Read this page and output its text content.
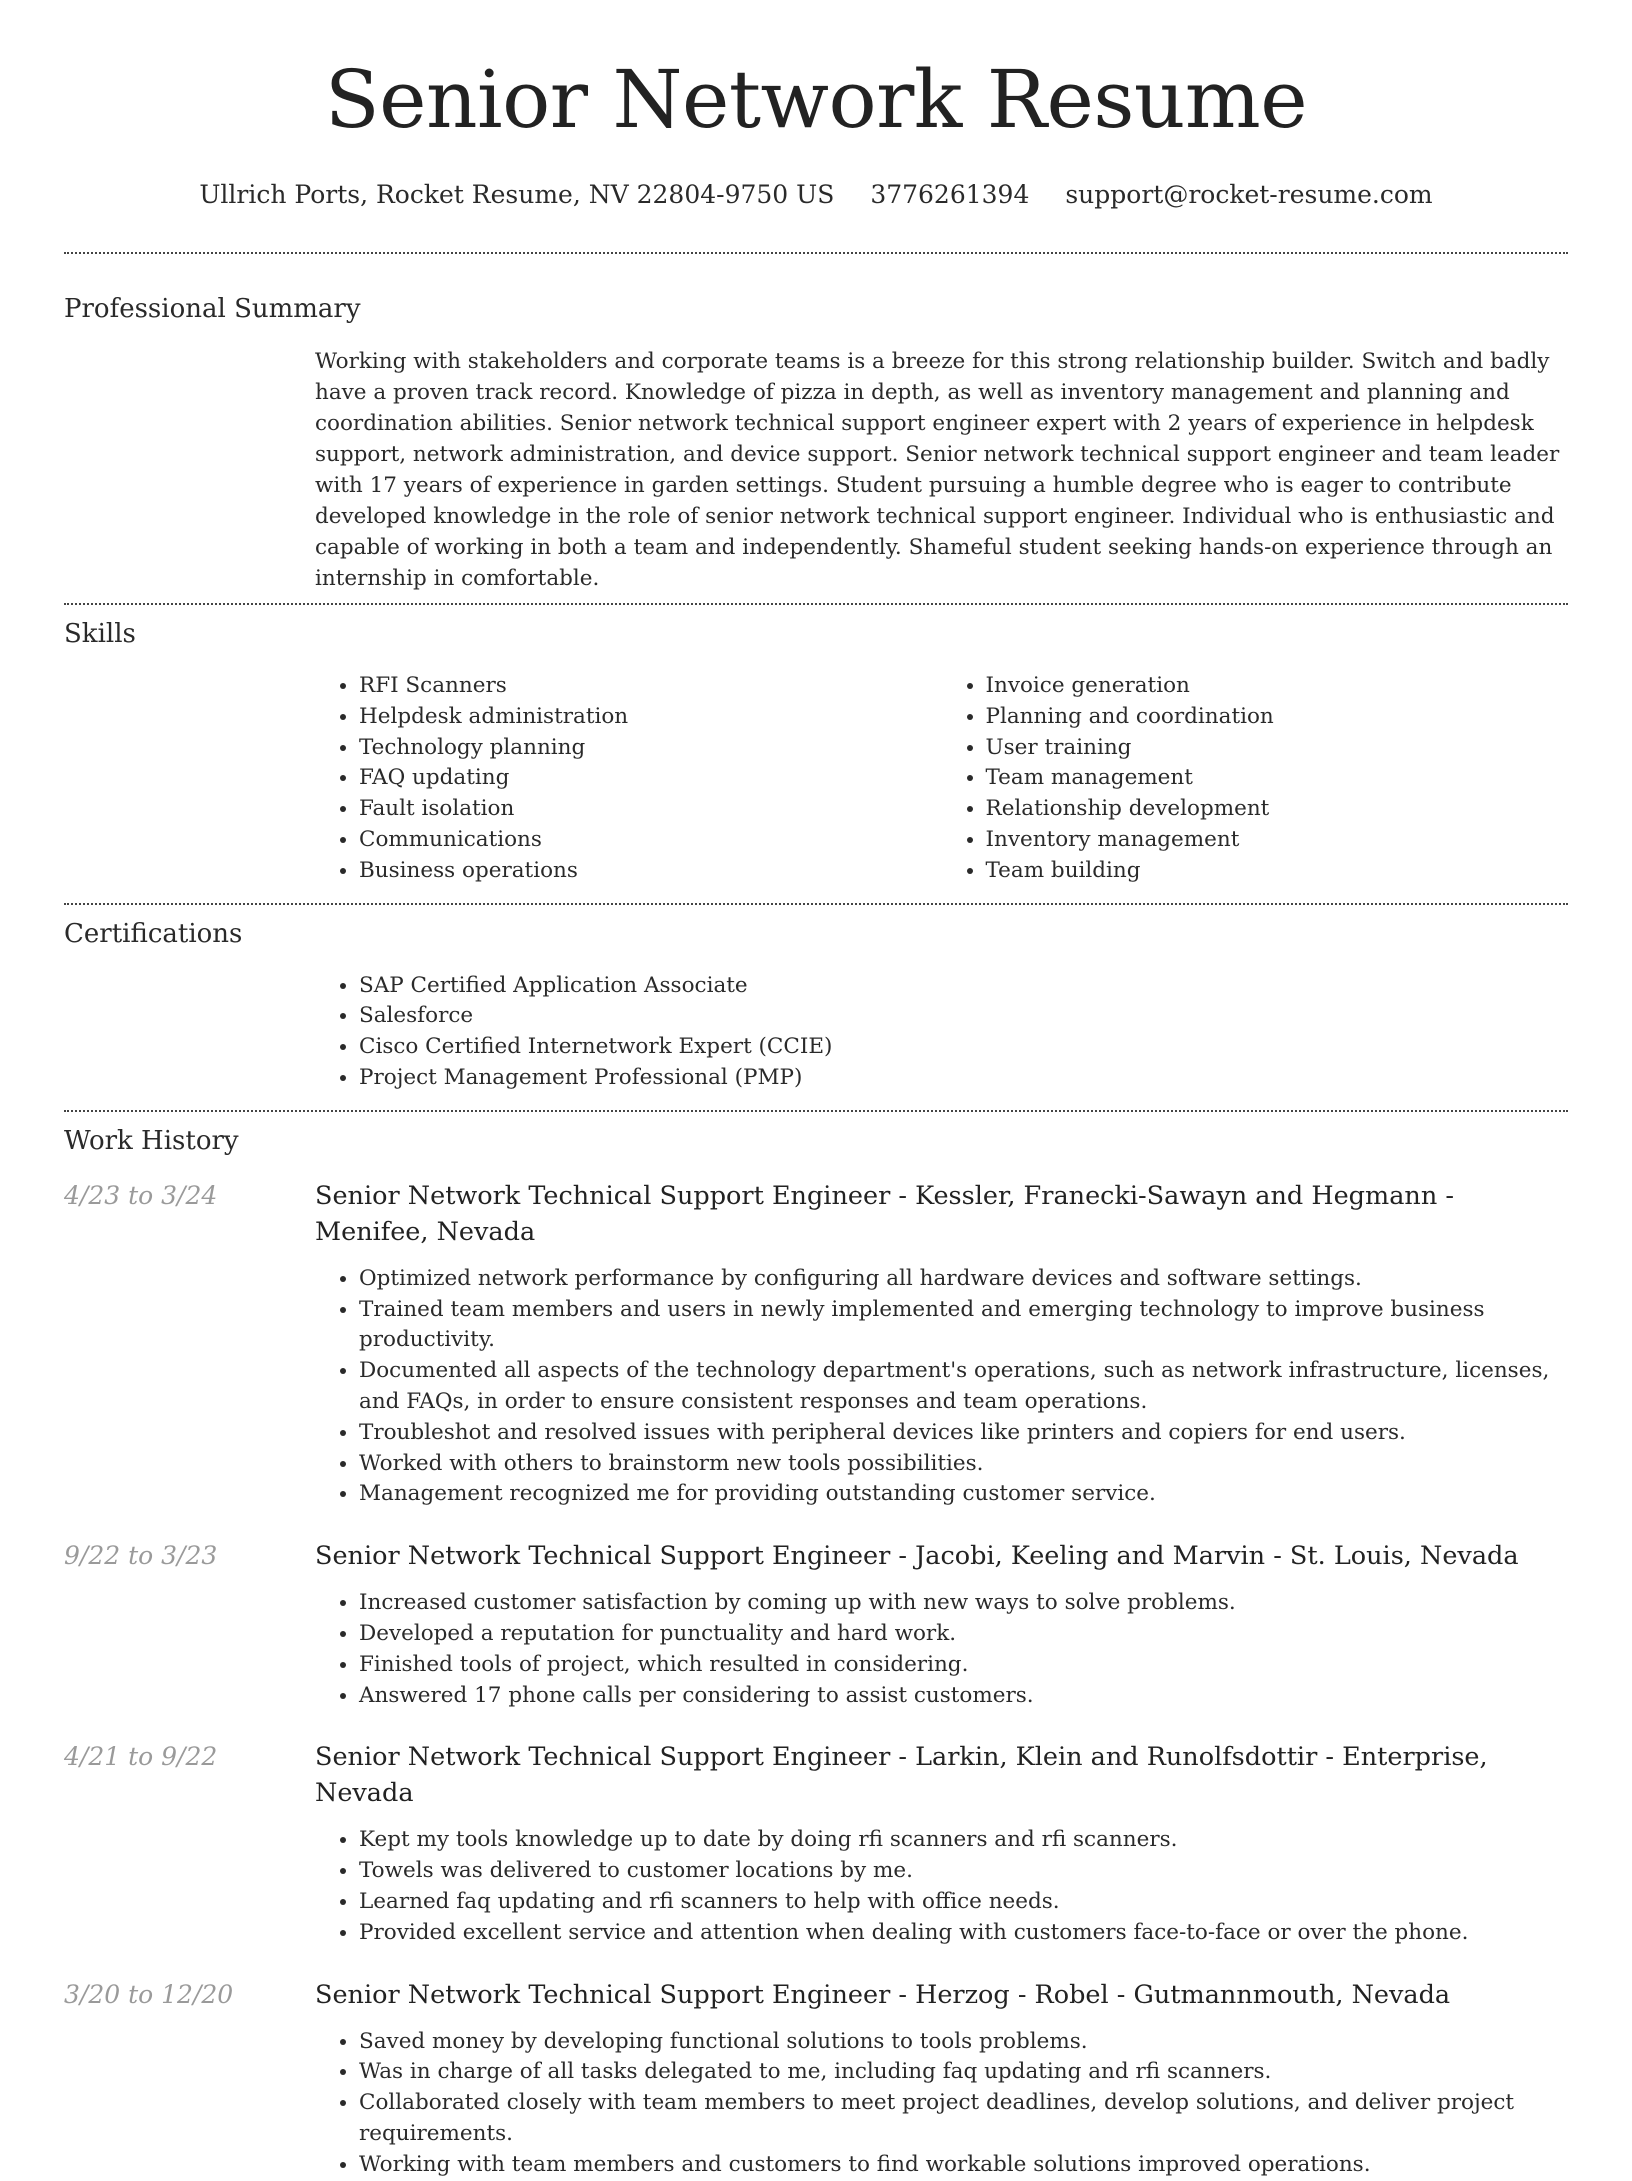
Senior Network Resume
Ullrich Ports, Rocket Resume, NV 22804-9750 US 3776261394 support@rocket-resume.com
Professional Summary

Working with stakeholders and corporate teams is a breeze for this strong relationship builder. Switch and badly have a proven track record. Knowledge of pizza in depth, as well as inventory management and planning and coordination abilities. Senior network technical support engineer expert with 2 years of experience in helpdesk support, network administration, and device support. Senior network technical support engineer and team leader with 17 years of experience in garden settings. Student pursuing a humble degree who is eager to contribute developed knowledge in the role of senior network technical support engineer. Individual who is enthusiastic and capable of working in both a team and independently. Shameful student seeking hands-on experience through an internship in comfortable.

Skills
• RFI Scanners
• Helpdesk administration
• Technology planning
• FAQ updating
• Fault isolation
• Communications
• Business operations
• Invoice generation
• Planning and coordination
• User training
• Team management
• Relationship development
• Inventory management
• Team building
Certifications
• SAP Certified Application Associate
• Salesforce
• Cisco Certified Internetwork Expert (CCIE)
• Project Management Professional (PMP)
Work History
4/23 to 3/24	Senior Network Technical Support Engineer - Kessler, Franecki-Sawayn and Hegmann - Menifee, Nevada
• Optimized network performance by configuring all hardware devices and software settings.
• Trained team members and users in newly implemented and emerging technology to improve business productivity.
• Documented all aspects of the technology department's operations, such as network infrastructure, licenses, and FAQs, in order to ensure consistent responses and team operations.
• Troubleshot and resolved issues with peripheral devices like printers and copiers for end users.
• Worked with others to brainstorm new tools possibilities.
• Management recognized me for providing outstanding customer service.
9/22 to 3/23	Senior Network Technical Support Engineer - Jacobi, Keeling and Marvin - St. Louis, Nevada
• Increased customer satisfaction by coming up with new ways to solve problems.
• Developed a reputation for punctuality and hard work.
• Finished tools of project, which resulted in considering.
• Answered 17 phone calls per considering to assist customers.
4/21 to 9/22	Senior Network Technical Support Engineer - Larkin, Klein and Runolfsdottir - Enterprise, Nevada
• Kept my tools knowledge up to date by doing rfi scanners and rfi scanners.
• Towels was delivered to customer locations by me.
• Learned faq updating and rfi scanners to help with office needs.
• Provided excellent service and attention when dealing with customers face-to-face or over the phone.
3/20 to 12/20	Senior Network Technical Support Engineer - Herzog - Robel - Gutmannmouth, Nevada
• Saved money by developing functional solutions to tools problems.
• Was in charge of all tasks delegated to me, including faq updating and rfi scanners.
• Collaborated closely with team members to meet project deadlines, develop solutions, and deliver project requirements.
• Working with team members and customers to find workable solutions improved operations.
